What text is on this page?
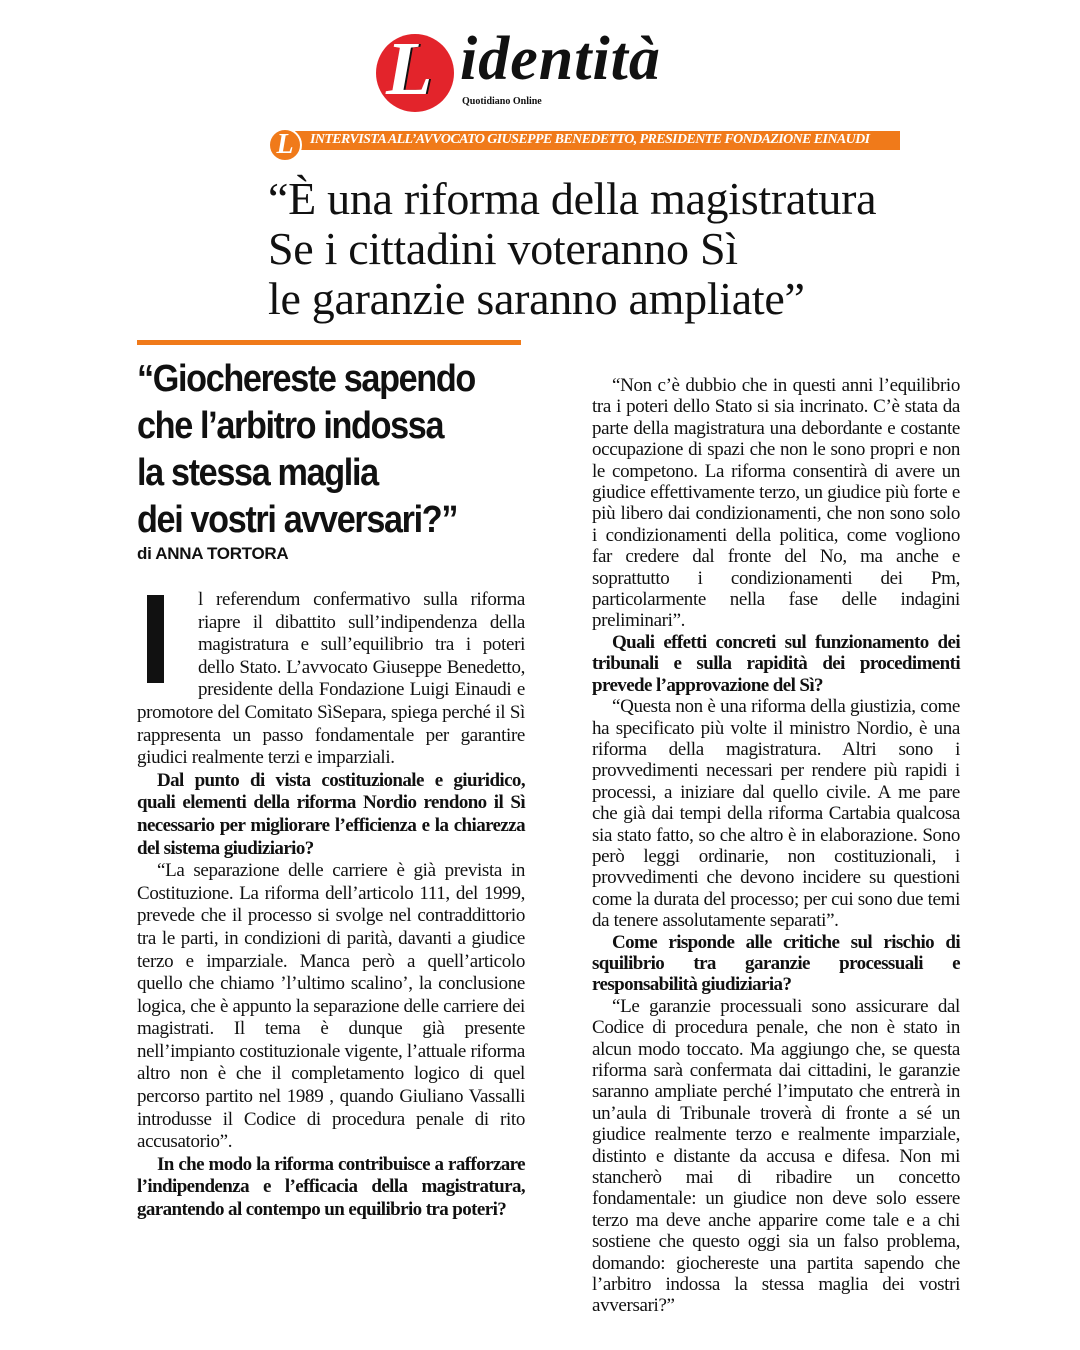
L identità
Quotidiano Online
L	INTERVISTA ALL’AVVOCATO GIUSEPPE BENEDETTO, PRESIDENTE FONDAZIONE EINAUDI
“È una riforma della magistratura
Se i cittadini voteranno Sì
le garanzie saranno ampliate”
“Giochereste sapendo
che l’arbitro indossa
la stessa maglia
dei vostri avversari?”
di ANNA TORTORA

l referendum confermativo sulla riforma riapre il dibattito sull’indipendenza della magistratura e sull’equilibrio tra i poteri dello Stato. L’avvocato Giuseppe Benedetto, presidente della Fondazione Luigi Einaudi e promotore del Comitato SìSepara, spiega perché il Sì rappresenta un passo fondamentale per garantire giudici realmente terzi e imparziali.

Dal punto di vista costituzionale e giuridico, quali elementi della riforma Nordio rendono il Sì necessario per migliorare l’efficienza e la chiarezza del sistema giudiziario?

“La separazione delle carriere è già prevista in Costituzione. La riforma dell’articolo 111, del 1999, prevede che il processo si svolge nel contraddittorio tra le parti, in condizioni di parità, davanti a giudice terzo e imparziale. Manca però a quell’articolo quello che chiamo ’l’ultimo scalino’, la conclusione logica, che è appunto la separazione delle carriere dei magistrati. Il tema è dunque già presente nell’impianto costituzionale vigente, l’attuale riforma altro non è che il completamento logico di quel percorso partito nel 1989 , quando Giuliano Vassalli introdusse il Codice di procedura penale di rito accusatorio”.

In che modo la riforma contribuisce a rafforzare l’indipendenza e l’efficacia della magistratura, garantendo al contempo un equilibrio tra poteri?

“Non c’è dubbio che in questi anni l’equilibrio tra i poteri dello Stato si sia incrinato. C’è stata da parte della magistratura una debordante e costante occupazione di spazi che non le sono propri e non le competono. La riforma consentirà di avere un giudice effettivamente terzo, un giudice più forte e più libero dai condizionamenti, che non sono solo i condizionamenti della politica, come vogliono far credere dal fronte del No, ma anche e soprattutto i condizionamenti dei Pm, particolarmente nella fase delle indagini preliminari”.

Quali effetti concreti sul funzionamento dei tribunali e sulla rapidità dei procedimenti prevede l’approvazione del Sì?

“Questa non è una riforma della giustizia, come ha specificato più volte il ministro Nordio, è una riforma della magistratura. Altri sono i provvedimenti necessari per rendere più rapidi i processi, a iniziare dal quello civile. A me pare che già dai tempi della riforma Cartabia qualcosa sia stato fatto, so che altro è in elaborazione. Sono però leggi ordinarie, non costituzionali, i provvedimenti che devono incidere su questioni come la durata del processo; per cui sono due temi da tenere assolutamente separati”.

Come risponde alle critiche sul rischio di squilibrio tra garanzie processuali e responsabilità giudiziaria?

“Le garanzie processuali sono assicurare dal Codice di procedura penale, che non è stato in alcun modo toccato. Ma aggiungo che, se questa riforma sarà confermata dai cittadini, le garanzie saranno ampliate perché l’imputato che entrerà in un’aula di Tribunale troverà di fronte a sé un giudice realmente terzo e realmente imparziale, distinto e distante da accusa e difesa. Non mi stancherò mai di ribadire un concetto fondamentale: un giudice non deve solo essere terzo ma deve anche apparire come tale e a chi sostiene che questo oggi sia un falso problema, domando: giochereste una partita sapendo che l’arbitro indossa la stessa maglia dei vostri avversari?”
